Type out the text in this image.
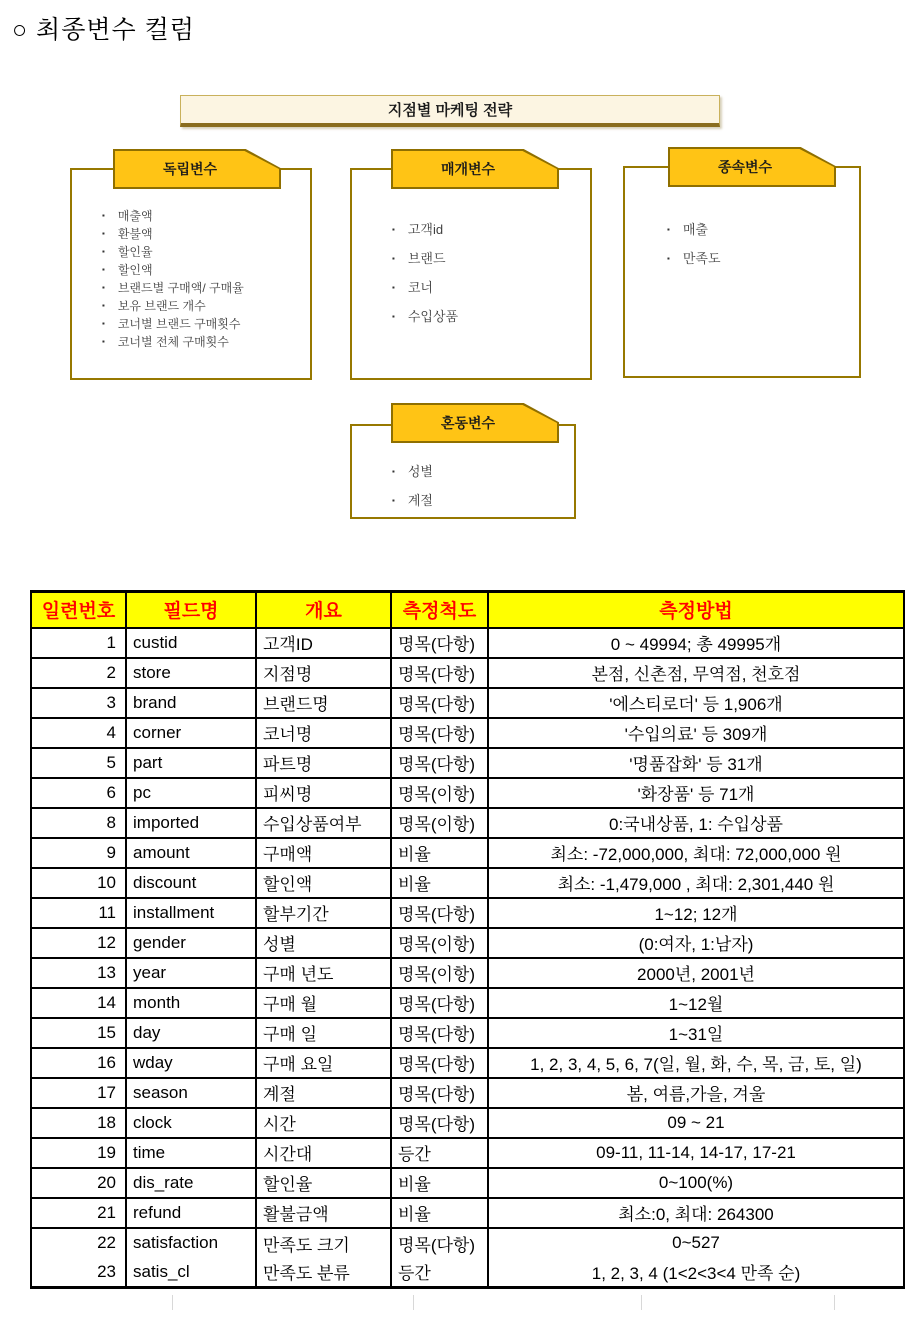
○ 최종변수 컬럼
지점별 마케팅 전략
▪ 매출액
▪ 환불액
▪ 할인율
▪ 할인액
▪ 브랜드별 구매액/ 구매율
▪ 보유 브랜드 개수
▪ 코너별 브랜드 구매횟수
▪ 코너별 전체 구매횟수
독립변수
▪ 고객id
▪ 브랜드
▪ 코너
▪ 수입상품
매개변수
▪ 매출
▪ 만족도
종속변수
▪ 성별
▪ 계절
혼동변수
일련번호	필드명	개요	측정척도	측정방법
1	custid	고객ID	명목(다항)	0 ~ 49994; 총 49995개
2	store	지점명	명목(다항)	본점, 신촌점, 무역점, 천호점
3	brand	브랜드명	명목(다항)	'에스티로더' 등 1,906개
4	corner	코너명	명목(다항)	'수입의료' 등 309개
5	part	파트명	명목(다항)	'명품잡화' 등 31개
6	pc	피씨명	명목(이항)	'화장품' 등 71개
8	imported	수입상품여부	명목(이항)	0:국내상품, 1: 수입상품
9	amount	구매액	비율	최소: -72,000,000, 최대: 72,000,000 원
10	discount	할인액	비율	최소: -1,479,000 , 최대: 2,301,440 원
11	installment	할부기간	명목(다항)	1~12; 12개
12	gender	성별	명목(이항)	(0:여자, 1:남자)
13	year	구매 년도	명목(이항)	2000년, 2001년
14	month	구매 월	명목(다항)	1~12월
15	day	구매 일	명목(다항)	1~31일
16	wday	구매 요일	명목(다항)	1, 2, 3, 4, 5, 6, 7(일, 월, 화, 수, 목, 금, 토, 일)
17	season	계절	명목(다항)	봄, 여름,가을, 겨울
18	clock	시간	명목(다항)	09 ~ 21
19	time	시간대	등간	09-11, 11-14, 14-17, 17-21
20	dis_rate	할인율	비율	0~100(%)
21	refund	활불금액	비율	최소:0, 최대: 264300
22	satisfaction	만족도 크기	명목(다항)	0~527
23	satis_cl	만족도 분류	등간	1, 2, 3, 4 (1<2<3<4 만족 순)
